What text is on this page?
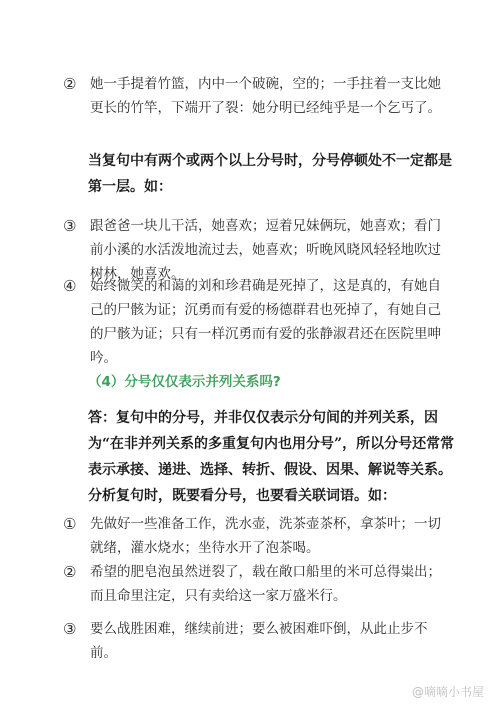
② 她一手提着竹篮，内中一个破碗，空的；一手拄着一支比她更长的竹竿，下端开了裂：她分明已经纯乎是一个乞丐了。
当复句中有两个或两个以上分号时，分号停顿处不一定都是第一层。如：
③ 跟爸爸一块儿干活，她喜欢；逗着兄妹俩玩，她喜欢；看门前小溪的水活泼地流过去，她喜欢；听晚风晓风轻轻地吹过树林，她喜欢。
④ 始终微笑的和蔼的刘和珍君确是死掉了，这是真的，有她自己的尸骸为证；沉勇而有爱的杨德群君也死掉了，有她自己的尸骸为证；只有一样沉勇而有爱的张静淑君还在医院里呻吟。
（4）分号仅仅表示并列关系吗?
答：复句中的分号，并非仅仅表示分句间的并列关系，因为“在非并列关系的多重复句内也用分号”，所以分号还常常表示承接、递进、选择、转折、假设、因果、解说等关系。分析复句时，既要看分号，也要看关联词语。如：
① 先做好一些准备工作，洗水壶，洗茶壶茶杯，拿茶叶；一切就绪，灌水烧水；坐待水开了泡茶喝。
② 希望的肥皂泡虽然迸裂了，载在敞口船里的米可总得粜出；而且命里注定，只有卖给这一家万盛米行。
③ 要么战胜困难，继续前进；要么被困难吓倒，从此止步不前。
@嘀嘀小书屋
